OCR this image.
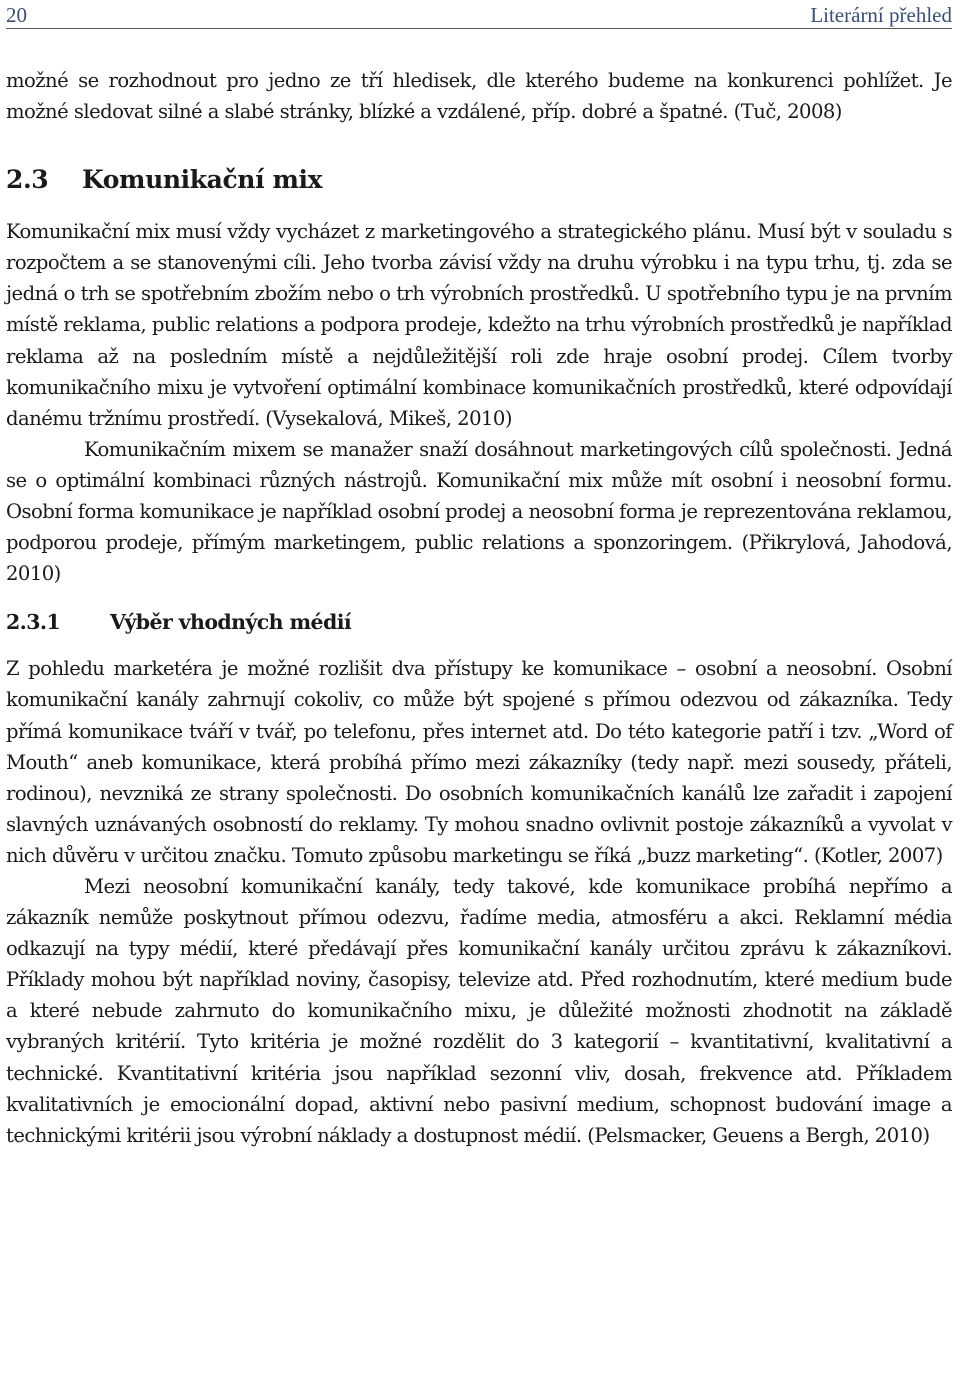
20	Literární přehled

možné se rozhodnout pro jedno ze tří hledisek, dle kterého budeme na konkurenci pohlížet. Je možné sledovat silné a slabé stránky, blízké a vzdálené, příp. dobré a špatné. (Tuč, 2008)

2.3 Komunikační mix

Komunikační mix musí vždy vycházet z marketingového a strategického plánu. Musí být v souladu s rozpočtem a se stanovenými cíli. Jeho tvorba závisí vždy na druhu výrobku i na typu trhu, tj. zda se jedná o trh se spotřebním zbožím nebo o trh výrobních prostředků. U spotřebního typu je na prvním místě reklama, public relations a podpora prodeje, kdežto na trhu výrobních prostředků je například reklama až na posledním místě a nejdůležitější roli zde hraje osobní prodej. Cílem tvorby komunikačního mixu je vytvoření optimální kombinace komunikačních prostředků, které odpovídají danému tržnímu prostředí. (Vysekalová, Mikeš, 2010)

Komunikačním mixem se manažer snaží dosáhnout marketingových cílů společnosti. Jedná se o optimální kombinaci různých nástrojů. Komunikační mix může mít osobní i neosobní formu. Osobní forma komunikace je například osobní prodej a neosobní forma je reprezentována reklamou, podporou prodeje, přímým marketingem, public relations a sponzoringem. (Přikrylová, Jahodová, 2010)

2.3.1 Výběr vhodných médií

Z pohledu marketéra je možné rozlišit dva přístupy ke komunikace – osobní a neosobní. Osobní komunikační kanály zahrnují cokoliv, co může být spojené s přímou odezvou od zákazníka. Tedy přímá komunikace tváří v tvář, po telefonu, přes internet atd. Do této kategorie patří i tzv. „Word of Mouth“ aneb komunikace, která probíhá přímo mezi zákazníky (tedy např. mezi sousedy, přáteli, rodinou), nevzniká ze strany společnosti. Do osobních komunikačních kanálů lze zařadit i zapojení slavných uznávaných osobností do reklamy. Ty mohou snadno ovlivnit postoje zákazníků a vyvolat v nich důvěru v určitou značku. Tomuto způsobu marketingu se říká „buzz marketing“. (Kotler, 2007)

Mezi neosobní komunikační kanály, tedy takové, kde komunikace probíhá nepřímo a zákazník nemůže poskytnout přímou odezvu, řadíme media, atmosféru a akci. Reklamní média odkazují na typy médií, které předávají přes komunikační kanály určitou zprávu k zákazníkovi. Příklady mohou být například noviny, časopisy, televize atd. Před rozhodnutím, které medium bude a které nebude zahrnuto do komunikačního mixu, je důležité možnosti zhodnotit na základě vybraných kritérií. Tyto kritéria je možné rozdělit do 3 kategorií – kvantitativní, kvalitativní a technické. Kvantitativní kritéria jsou například sezonní vliv, dosah, frekvence atd. Příkladem kvalitativních je emocionální dopad, aktivní nebo pasivní medium, schopnost budování image a technickými kritérii jsou výrobní náklady a dostupnost médií. (Pelsmacker, Geuens a Bergh, 2010)
